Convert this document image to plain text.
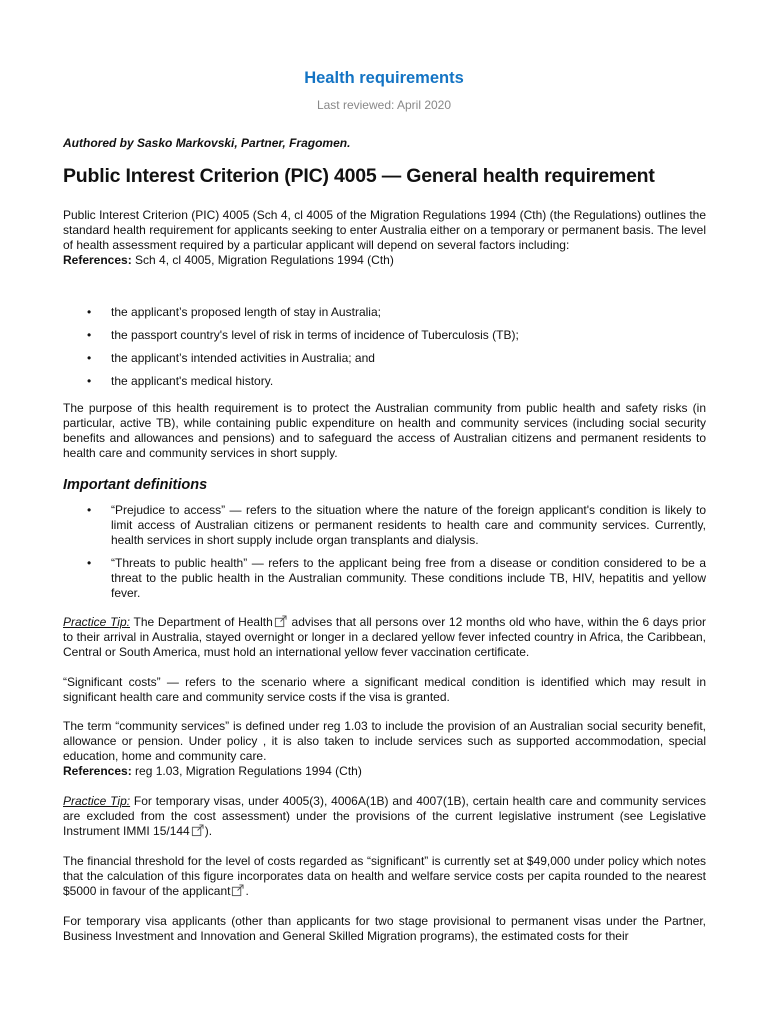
Health requirements
Last reviewed: April 2020
Authored by Sasko Markovski, Partner, Fragomen.
Public Interest Criterion (PIC) 4005 — General health requirement

Public Interest Criterion (PIC) 4005 (Sch 4, cl 4005 of the Migration Regulations 1994 (Cth) (the Regulations) outlines the standard health requirement for applicants seeking to enter Australia either on a temporary or permanent basis. The level of health assessment required by a particular applicant will depend on several factors including:

References: Sch 4, cl 4005, Migration Regulations 1994 (Cth)

• the applicant’s proposed length of stay in Australia;
• the passport country's level of risk in terms of incidence of Tuberculosis (TB);
• the applicant’s intended activities in Australia; and
• the applicant's medical history.
The purpose of this health requirement is to protect the Australian community from public health and safety risks (in particular, active TB), while containing public expenditure on health and community services (including social security benefits and allowances and pensions) and to safeguard the access of Australian citizens and permanent residents to health care and community services in short supply.
Important definitions
• “Prejudice to access” — refers to the situation where the nature of the foreign applicant's condition is likely to limit access of Australian citizens or permanent residents to health care and community services. Currently, health services in short supply include organ transplants and dialysis.
• “Threats to public health” — refers to the applicant being free from a disease or condition considered to be a threat to the public health in the Australian community. These conditions include TB, HIV, hepatitis and yellow fever.
Practice Tip: The Department of Health advises that all persons over 12 months old who have, within the 6 days prior to their arrival in Australia, stayed overnight or longer in a declared yellow fever infected country in Africa, the Caribbean, Central or South America, must hold an international yellow fever vaccination certificate.
“Significant costs” — refers to the scenario where a significant medical condition is identified which may result in significant health care and community service costs if the visa is granted.

The term “community services” is defined under reg 1.03 to include the provision of an Australian social security benefit, allowance or pension. Under policy , it is also taken to include services such as supported accommodation, special education, home and community care.

References: reg 1.03, Migration Regulations 1994 (Cth)

Practice Tip: For temporary visas, under 4005(3), 4006A(1B) and 4007(1B), certain health care and community services are excluded from the cost assessment) under the provisions of the current legislative instrument (see Legislative Instrument IMMI 15/144 ).
The financial threshold for the level of costs regarded as “significant” is currently set at $49,000 under policy which notes that the calculation of this figure incorporates data on health and welfare service costs per capita rounded to the nearest $5000 in favour of the applicant .
For temporary visa applicants (other than applicants for two stage provisional to permanent visas under the Partner, Business Investment and Innovation and General Skilled Migration programs), the estimated costs for their
